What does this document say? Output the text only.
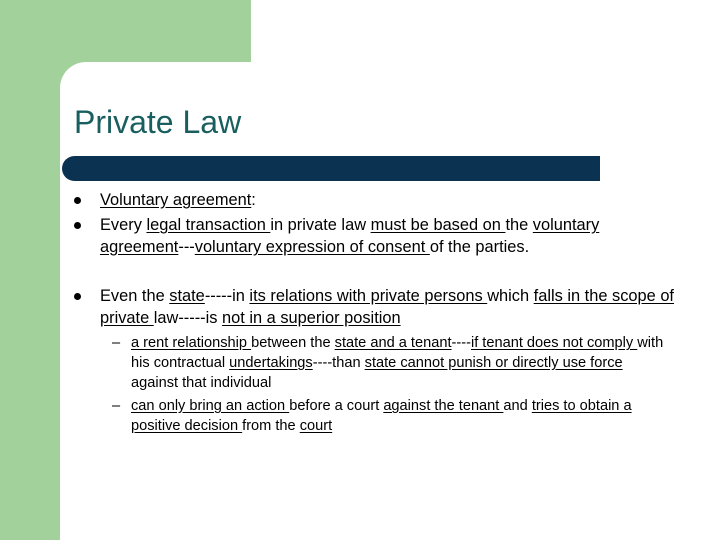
Private Law
Voluntary agreement:
Every legal transaction in private law must be based on the voluntary agreement---voluntary expression of consent of the parties.
Even the state-----in its relations with private persons which falls in the scope of private law-----is not in a superior position
– a rent relationship between the state and a tenant----if tenant does not comply with his contractual undertakings----than state cannot punish or directly use force against that individual
– can only bring an action before a court against the tenant and tries to obtain a positive decision from the court
